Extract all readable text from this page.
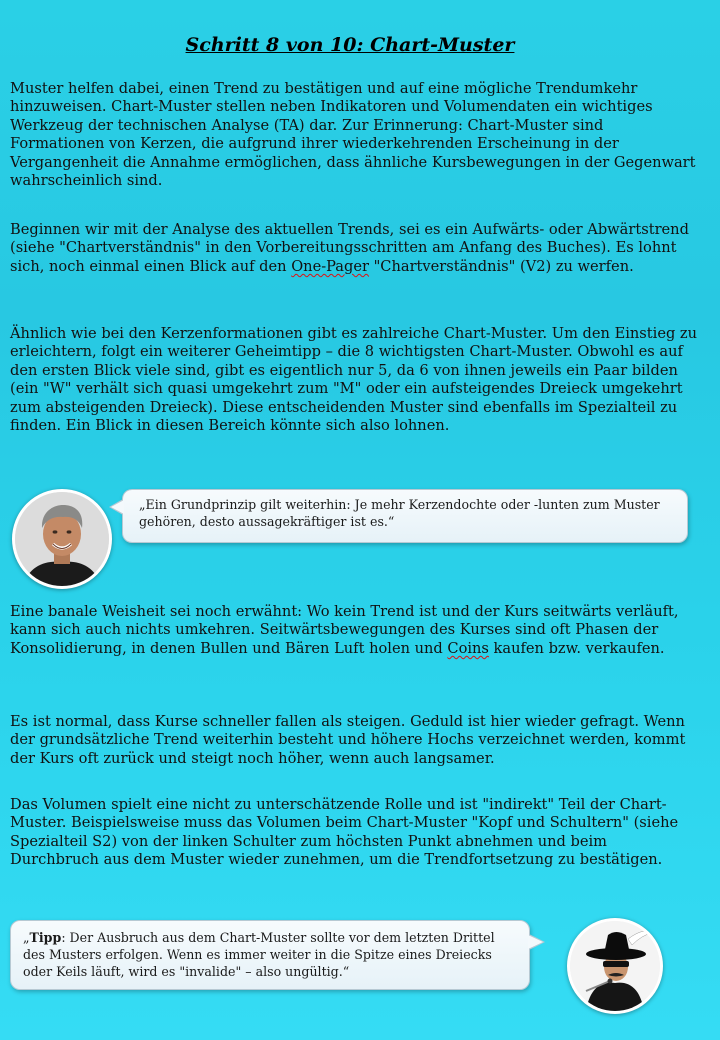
Schritt 8 von 10: Chart-Muster

Muster helfen dabei, einen Trend zu bestätigen und auf eine mögliche Trendumkehr hinzuweisen. Chart-Muster stellen neben Indikatoren und Volumendaten ein wichtiges Werkzeug der technischen Analyse (TA) dar. Zur Erinnerung: Chart-Muster sind Formationen von Kerzen, die aufgrund ihrer wiederkehrenden Erscheinung in der Vergangenheit die Annahme ermöglichen, dass ähnliche Kursbewegungen in der Gegenwart wahrscheinlich sind.

Beginnen wir mit der Analyse des aktuellen Trends, sei es ein Aufwärts- oder Abwärtstrend (siehe "Chartverständnis" in den Vorbereitungsschritten am Anfang des Buches). Es lohnt sich, noch einmal einen Blick auf den One-Pager "Chartverständnis" (V2) zu werfen.

Ähnlich wie bei den Kerzenformationen gibt es zahlreiche Chart-Muster. Um den Einstieg zu erleichtern, folgt ein weiterer Geheimtipp – die 8 wichtigsten Chart-Muster. Obwohl es auf den ersten Blick viele sind, gibt es eigentlich nur 5, da 6 von ihnen jeweils ein Paar bilden (ein "W" verhält sich quasi umgekehrt zum "M" oder ein aufsteigendes Dreieck umgekehrt zum absteigenden Dreieck). Diese entscheidenden Muster sind ebenfalls im Spezialteil zu finden. Ein Blick in diesen Bereich könnte sich also lohnen.

„Ein Grundprinzip gilt weiterhin: Je mehr Kerzendochte oder -lunten zum Muster gehören, desto aussagekräftiger ist es.“

Eine banale Weisheit sei noch erwähnt: Wo kein Trend ist und der Kurs seitwärts verläuft, kann sich auch nichts umkehren. Seitwärtsbewegungen des Kurses sind oft Phasen der Konsolidierung, in denen Bullen und Bären Luft holen und Coins kaufen bzw. verkaufen.

Es ist normal, dass Kurse schneller fallen als steigen. Geduld ist hier wieder gefragt. Wenn der grundsätzliche Trend weiterhin besteht und höhere Hochs verzeichnet werden, kommt der Kurs oft zurück und steigt noch höher, wenn auch langsamer.

Das Volumen spielt eine nicht zu unterschätzende Rolle und ist "indirekt" Teil der Chart-Muster. Beispielsweise muss das Volumen beim Chart-Muster "Kopf und Schultern" (siehe Spezialteil S2) von der linken Schulter zum höchsten Punkt abnehmen und beim Durchbruch aus dem Muster wieder zunehmen, um die Trendfortsetzung zu bestätigen.

„Tipp: Der Ausbruch aus dem Chart-Muster sollte vor dem letzten Drittel des Musters erfolgen. Wenn es immer weiter in die Spitze eines Dreiecks oder Keils läuft, wird es "invalide" – also ungültig.“
